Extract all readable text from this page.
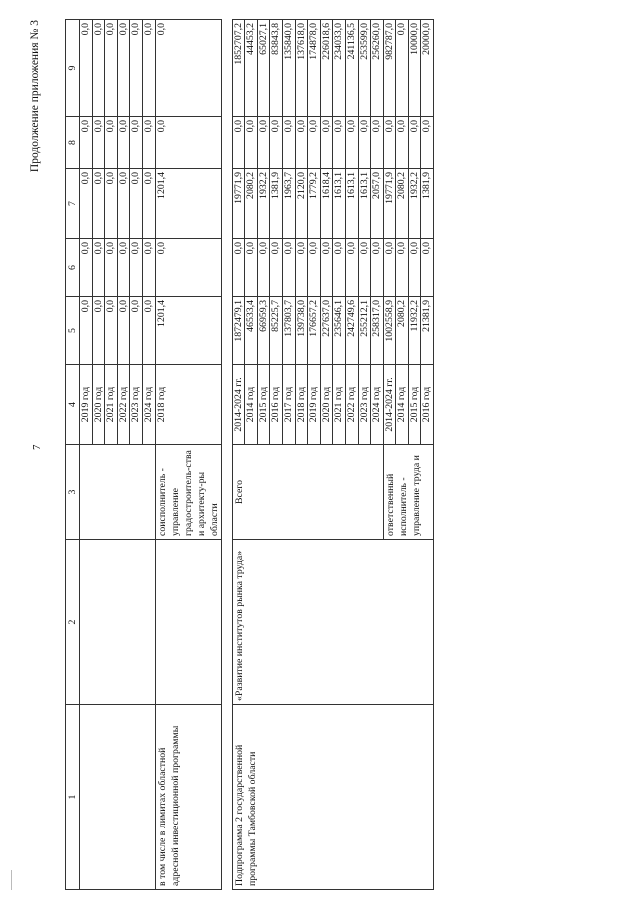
7
Продолжение приложения № 3
1	2	3	4	5	6	7	8	9
			2019 год	0,0	0,0	0,0	0,0	0,0
			2020 год	0,0	0,0	0,0	0,0	0,0
			2021 год	0,0	0,0	0,0	0,0	0,0
			2022 год	0,0	0,0	0,0	0,0	0,0
			2023 год	0,0	0,0	0,0	0,0	0,0
			2024 год	0,0	0,0	0,0	0,0	0,0
в том числе в лимитах областной адресной инвестиционной программы		соисполнитель - управление градостроитель-ства и архитекту-ры области	2018 год	1201,4	0,0	1201,4	0,0	0,0

Подпрограмма 2 государственной программы Тамбовской области	«Развитие институтов рынка труда»	Всего	2014-2024 гг.	1872479,1	0,0	19771,9	0,0	1852707,2
			2014 год	46533,4	0,0	2080,2	0,0	44453,2
			2015 год	66959,3	0,0	1932,2	0,0	65027,1
			2016 год	85225,7	0,0	1381,9	0,0	83843,8
			2017 год	137803,7	0,0	1963,7	0,0	135840,0
			2018 год	139738,0	0,0	2120,0	0,0	137618,0
			2019 год	176657,2	0,0	1779,2	0,0	174878,0
			2020 год	227637,0	0,0	1618,4	0,0	226018,6
			2021 год	235646,1	0,0	1613,1	0,0	234033,0
			2022 год	242749,6	0,0	1613,1	0,0	241136,5
			2023 год	255212,1	0,0	1613,1	0,0	253599,0
			2024 год	258317,0	0,0	2057,0	0,0	256260,0
		ответственный исполнитель - управление труда и	2014-2024 гг.	1002558,9	0,0	19771,9	0,0	982787,0
			2014 год	2080,2	0,0	2080,2	0,0	0,0
			2015 год	11932,2	0,0	1932,2	0,0	10000,0
			2016 год	21381,9	0,0	1381,9	0,0	20000,0
